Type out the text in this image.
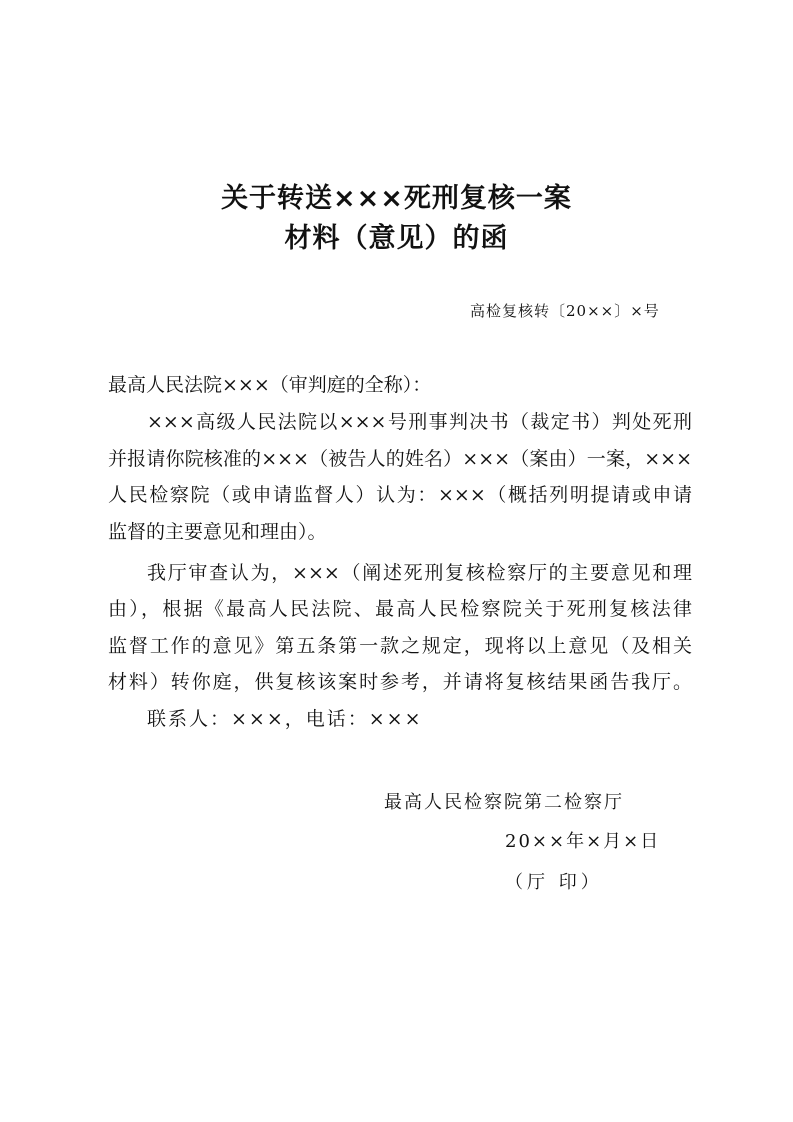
关于转送×××死刑复核一案
材料（意见）的函
高检复核转〔20××〕×号
最高人民法院×××（审判庭的全称）：
×××高级人民法院以×××号刑事判决书（裁定书）判处死刑
并报请你院核准的×××（被告人的姓名）×××（案由）一案，×××
人民检察院（或申请监督人）认为：×××（概括列明提请或申请
监督的主要意见和理由）。
我厅审查认为，×××（阐述死刑复核检察厅的主要意见和理
由），根据《最高人民法院、最高人民检察院关于死刑复核法律
监督工作的意见》第五条第一款之规定，现将以上意见（及相关
材料）转你庭，供复核该案时参考，并请将复核结果函告我厅。
联系人：×××，电话：×××
最高人民检察院第二检察厅
20××年×月×日
（厅 印）
